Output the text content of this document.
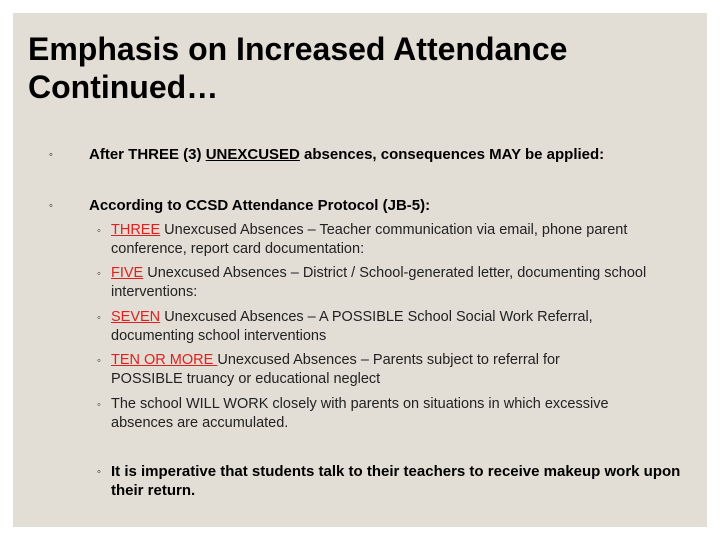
Emphasis on Increased Attendance Continued…
◦ After THREE (3) UNEXCUSED absences, consequences MAY be applied:
◦ According to CCSD Attendance Protocol (JB-5):
◦ THREE Unexcused Absences – Teacher communication via email, phone parent conference, report card documentation:
◦ FIVE Unexcused Absences – District / School-generated letter, documenting school interventions:
◦ SEVEN Unexcused Absences – A POSSIBLE School Social Work Referral, documenting school interventions
◦ TEN OR MORE Unexcused Absences – Parents subject to referral for POSSIBLE truancy or educational neglect
◦ The school WILL WORK closely with parents on situations in which excessive absences are accumulated.
◦ It is imperative that students talk to their teachers to receive makeup work upon their return.
